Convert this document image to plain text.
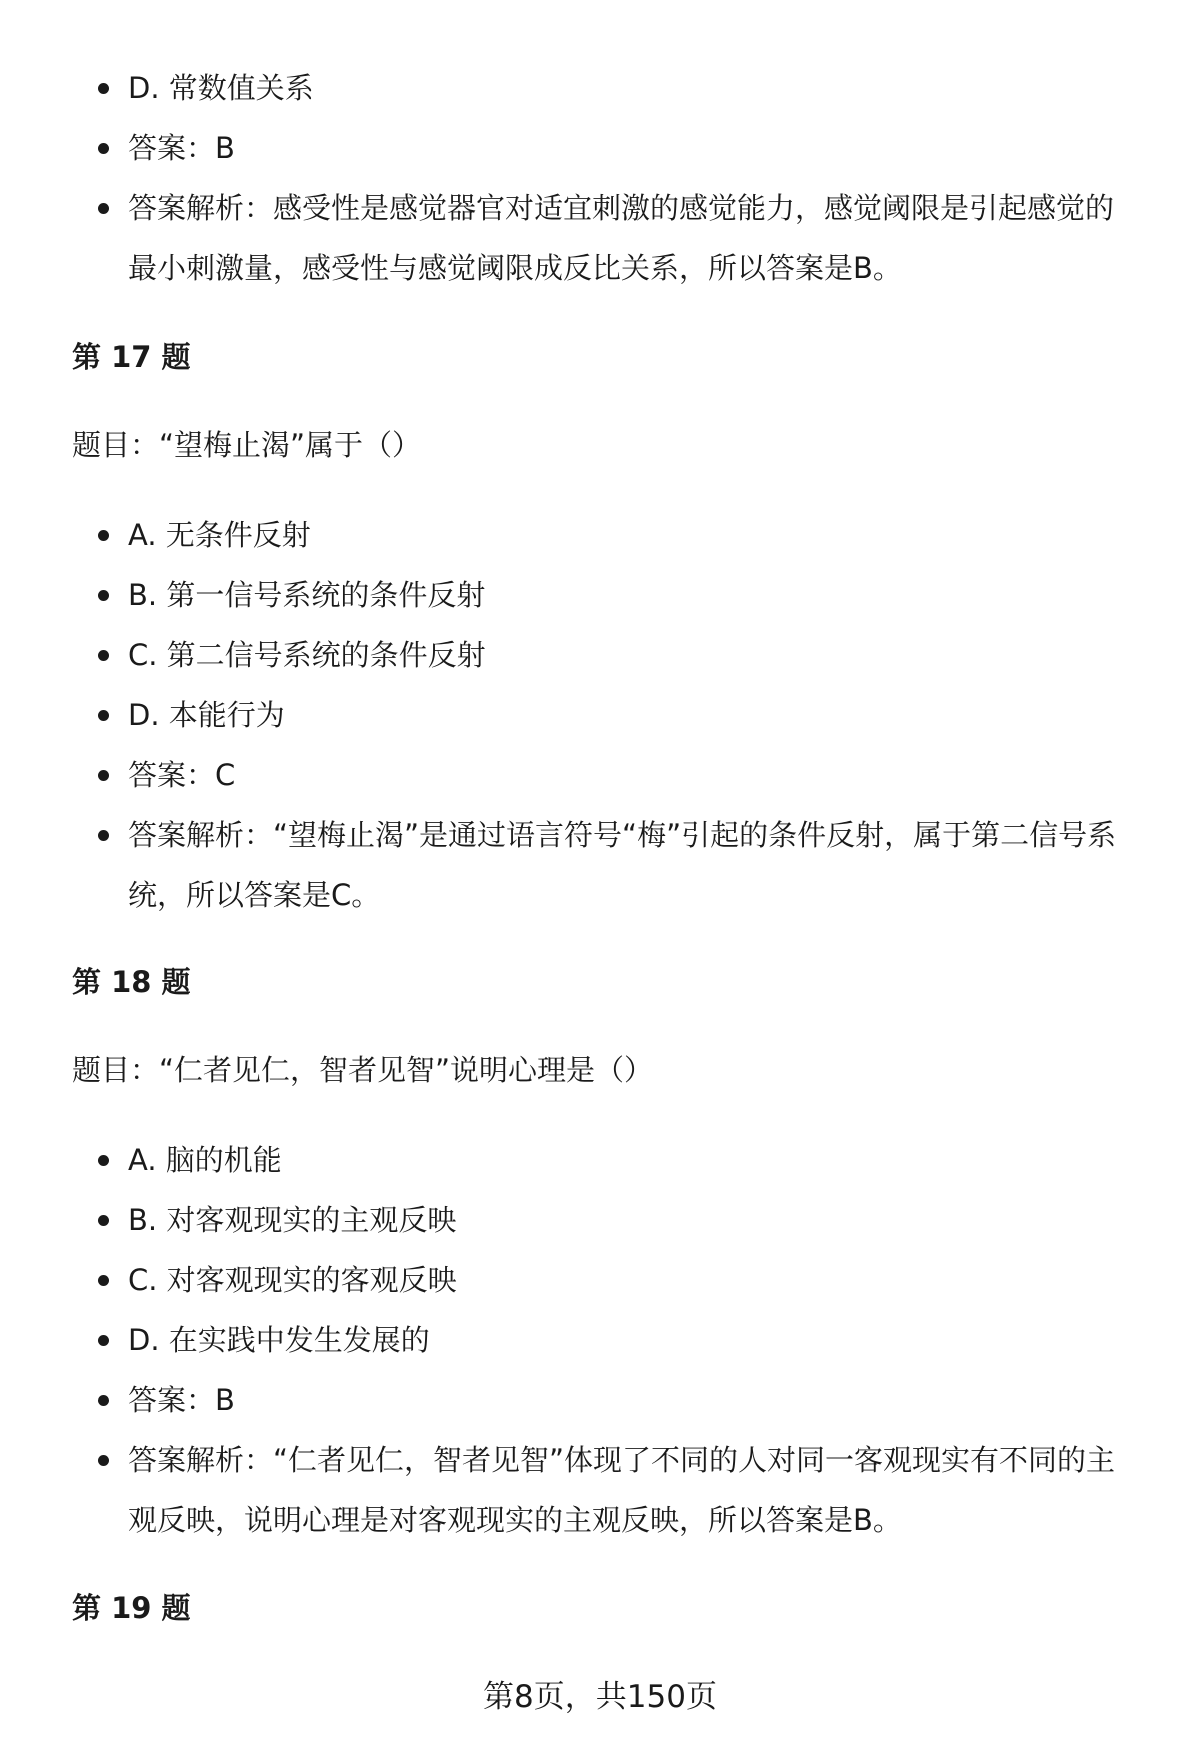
D. 常数值关系
答案：B
答案解析：感受性是感觉器官对适宜刺激的感觉能力，感觉阈限是引起感觉的最小刺激量，感受性与感觉阈限成反比关系，所以答案是B。
第 17 题

题目：“望梅止渴”属于（）

A. 无条件反射
B. 第一信号系统的条件反射
C. 第二信号系统的条件反射
D. 本能行为
答案：C
答案解析：“望梅止渴”是通过语言符号“梅”引起的条件反射，属于第二信号系统，所以答案是C。
第 18 题

题目：“仁者见仁，智者见智”说明心理是（）

A. 脑的机能
B. 对客观现实的主观反映
C. 对客观现实的客观反映
D. 在实践中发生发展的
答案：B
答案解析：“仁者见仁，智者见智”体现了不同的人对同一客观现实有不同的主观反映，说明心理是对客观现实的主观反映，所以答案是B。
第 19 题
第8页，共150页
